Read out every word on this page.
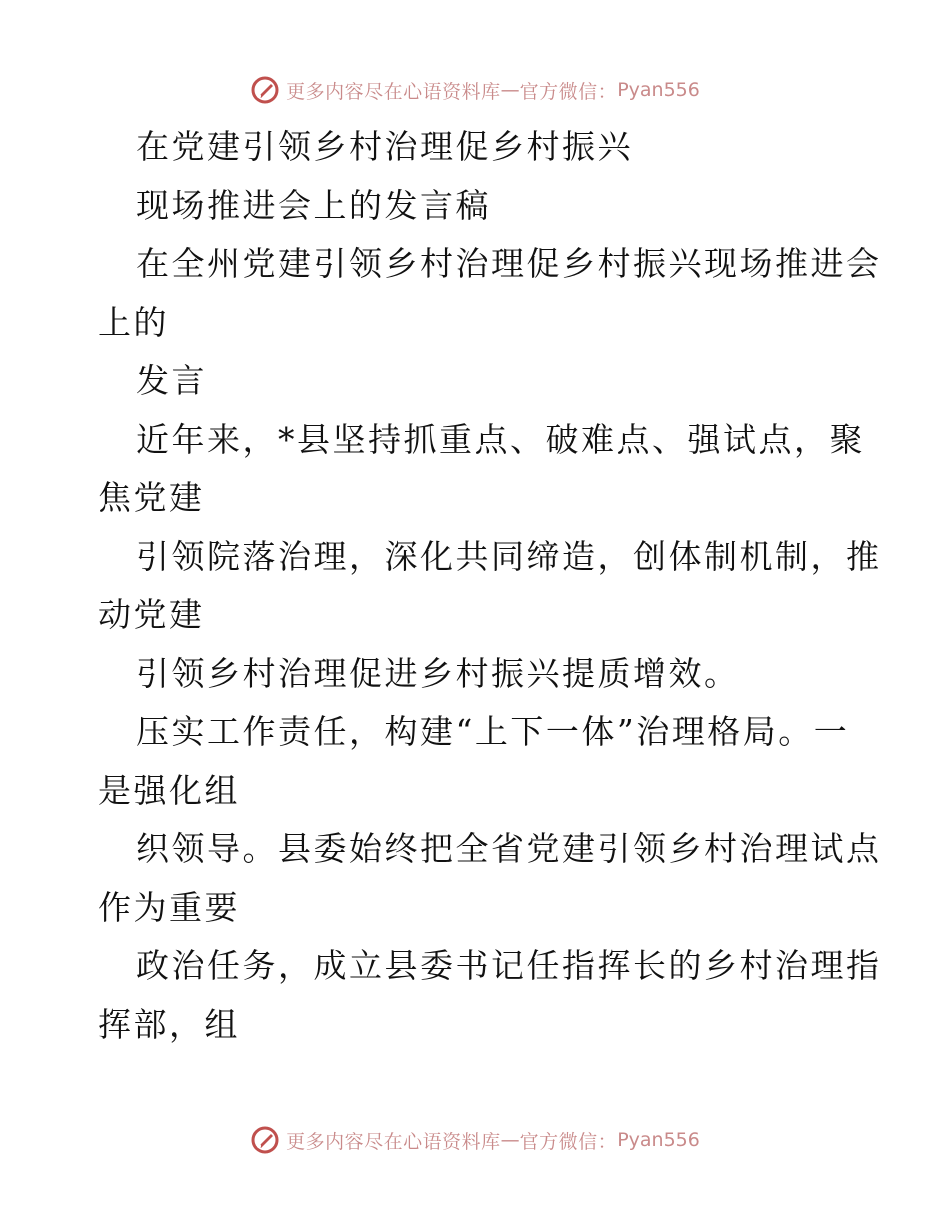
更多内容尽在心语资料库 — 官方微信： Pyan556
在党建引领乡村治理促乡村振兴
现场推进会上的发言稿
在全州党建引领乡村治理促乡村振兴现场推进会
上的
发言
近年来，*县坚持抓重点、破难点、强试点，聚
焦党建
引领院落治理，深化共同缔造，创体制机制，推
动党建
引领乡村治理促进乡村振兴提质增效。
压实工作责任，构建“上下一体”治理格局。一
是强化组
织领导。县委始终把全省党建引领乡村治理试点
作为重要
政治任务，成立县委书记任指挥长的乡村治理指
挥部，组
更多内容尽在心语资料库 — 官方微信： Pyan556
